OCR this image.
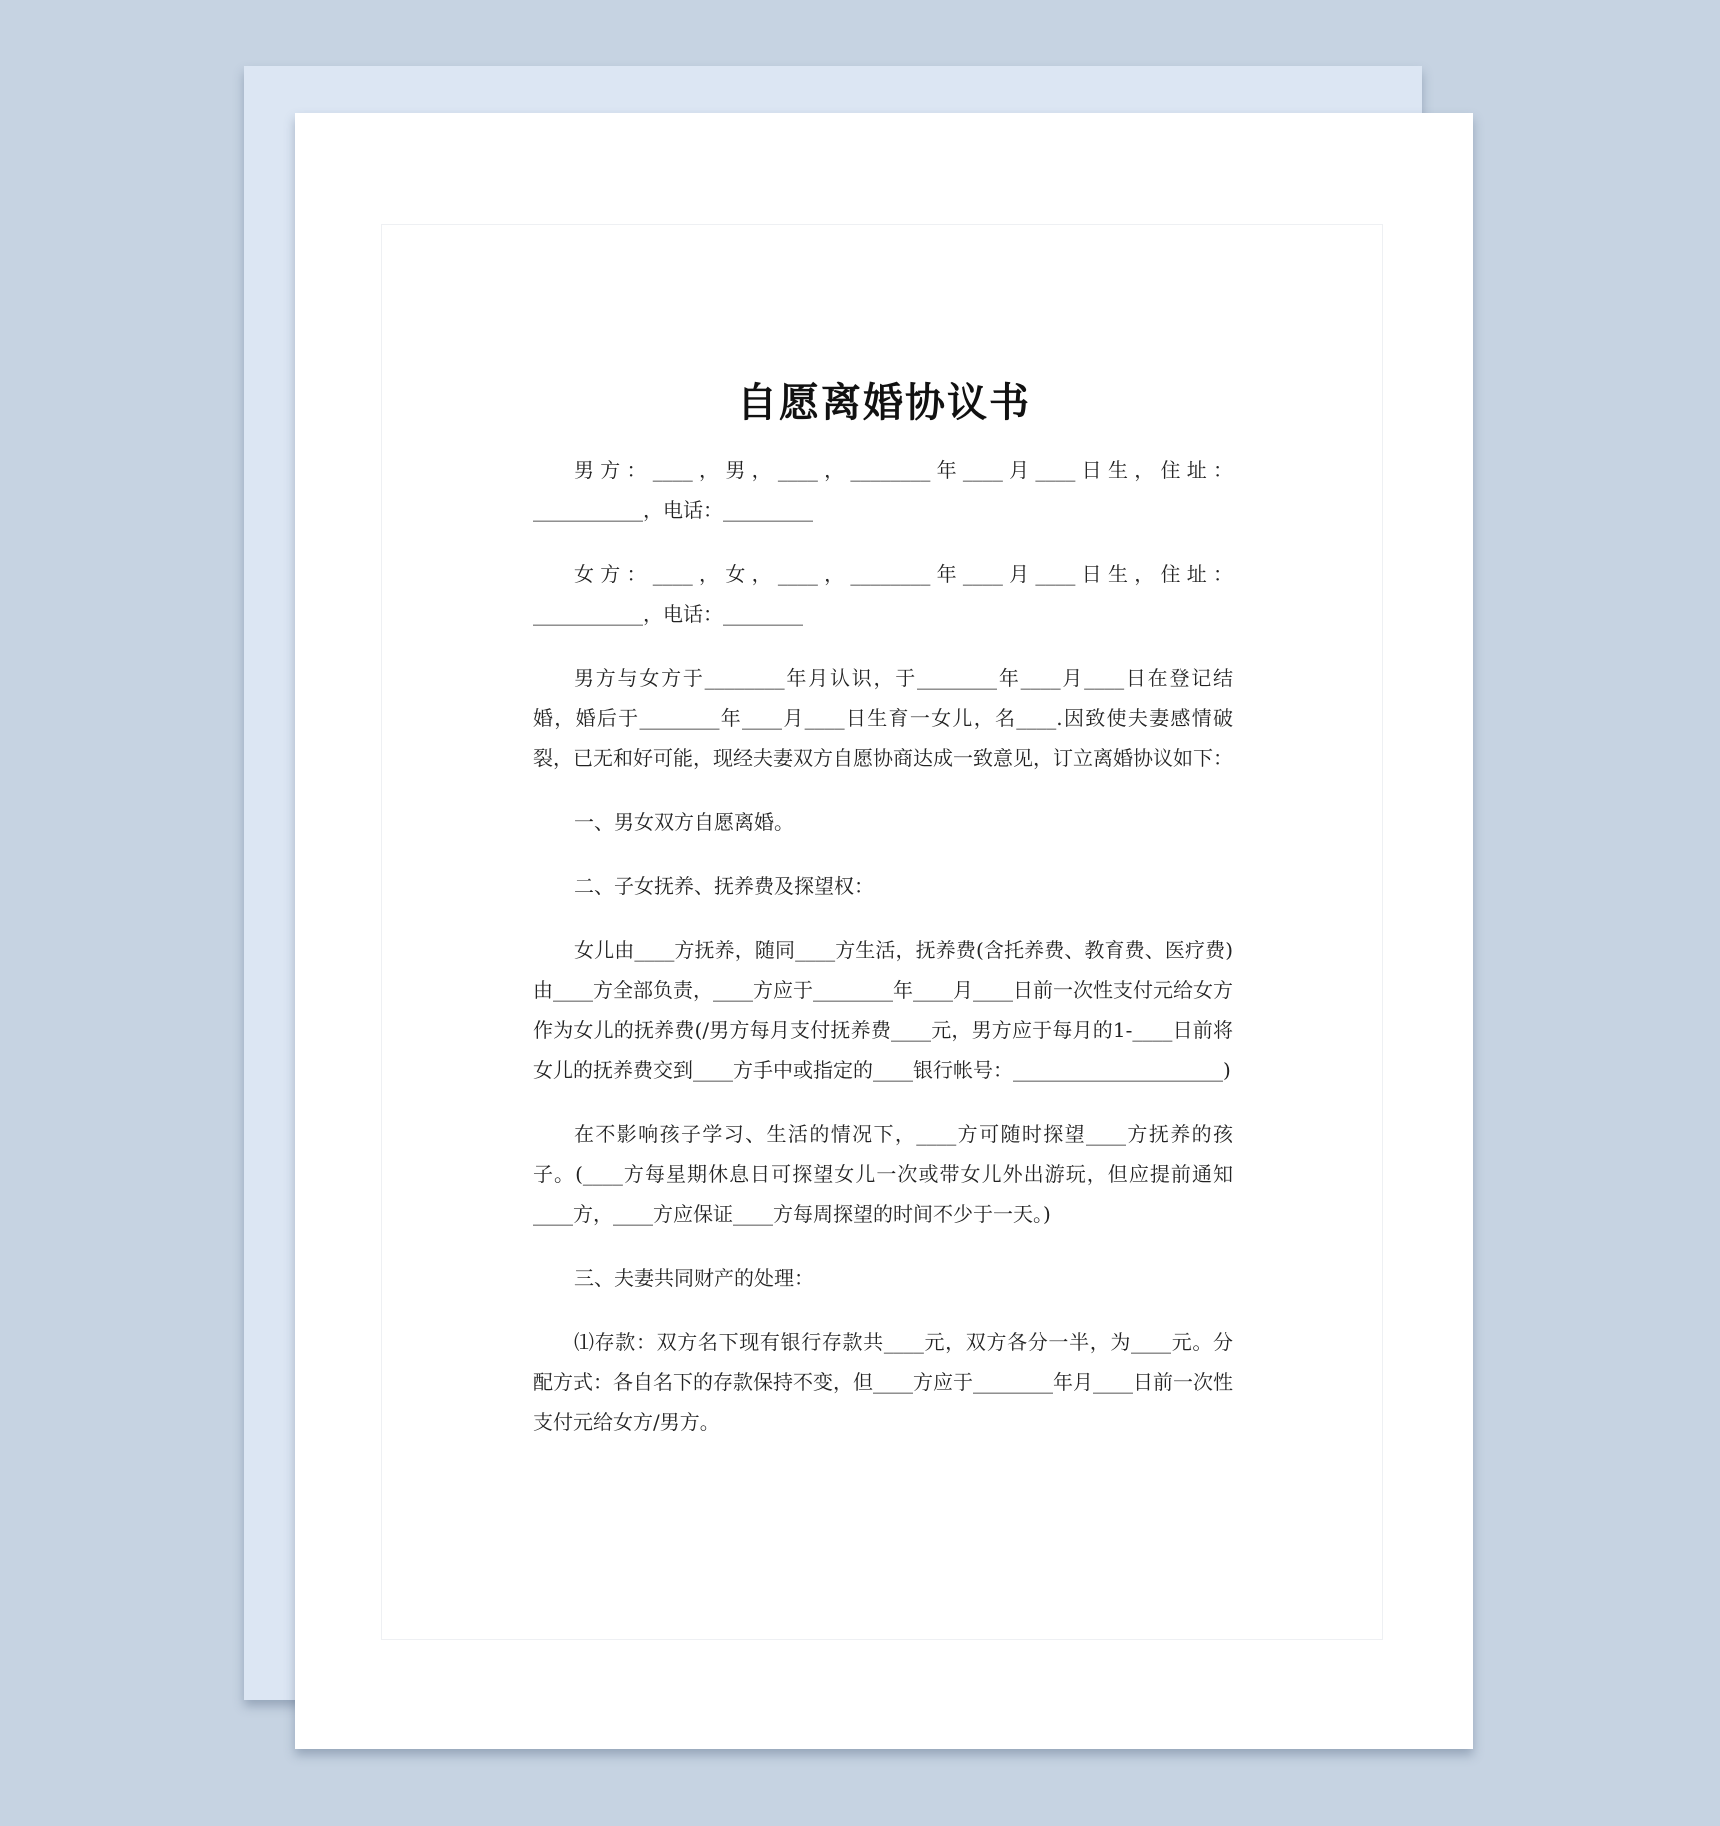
自愿离婚协议书

男方：____，男，____，________年____月____日生，住址：___________，电话：_________

女方：____，女，____，________年____月____日生，住址：___________，电话：________

男方与女方于________年月认识，于________年____月____日在登记结婚，婚后于________年____月____日生育一女儿，名____.因致使夫妻感情破裂，已无和好可能，现经夫妻双方自愿协商达成一致意见，订立离婚协议如下：

一、男女双方自愿离婚。

二、子女抚养、抚养费及探望权：

女儿由____方抚养，随同____方生活，抚养费(含托养费、教育费、医疗费)由____方全部负责，____方应于________年____月____日前一次性支付元给女方作为女儿的抚养费(/男方每月支付抚养费____元，男方应于每月的1-____日前将女儿的抚养费交到____方手中或指定的____银行帐号：_____________________)

在不影响孩子学习、生活的情况下，____方可随时探望____方抚养的孩子。(____方每星期休息日可探望女儿一次或带女儿外出游玩，但应提前通知____方，____方应保证____方每周探望的时间不少于一天。)

三、夫妻共同财产的处理：

⑴存款：双方名下现有银行存款共____元，双方各分一半，为____元。分配方式：各自名下的存款保持不变，但____方应于________年月____日前一次性支付元给女方/男方。
